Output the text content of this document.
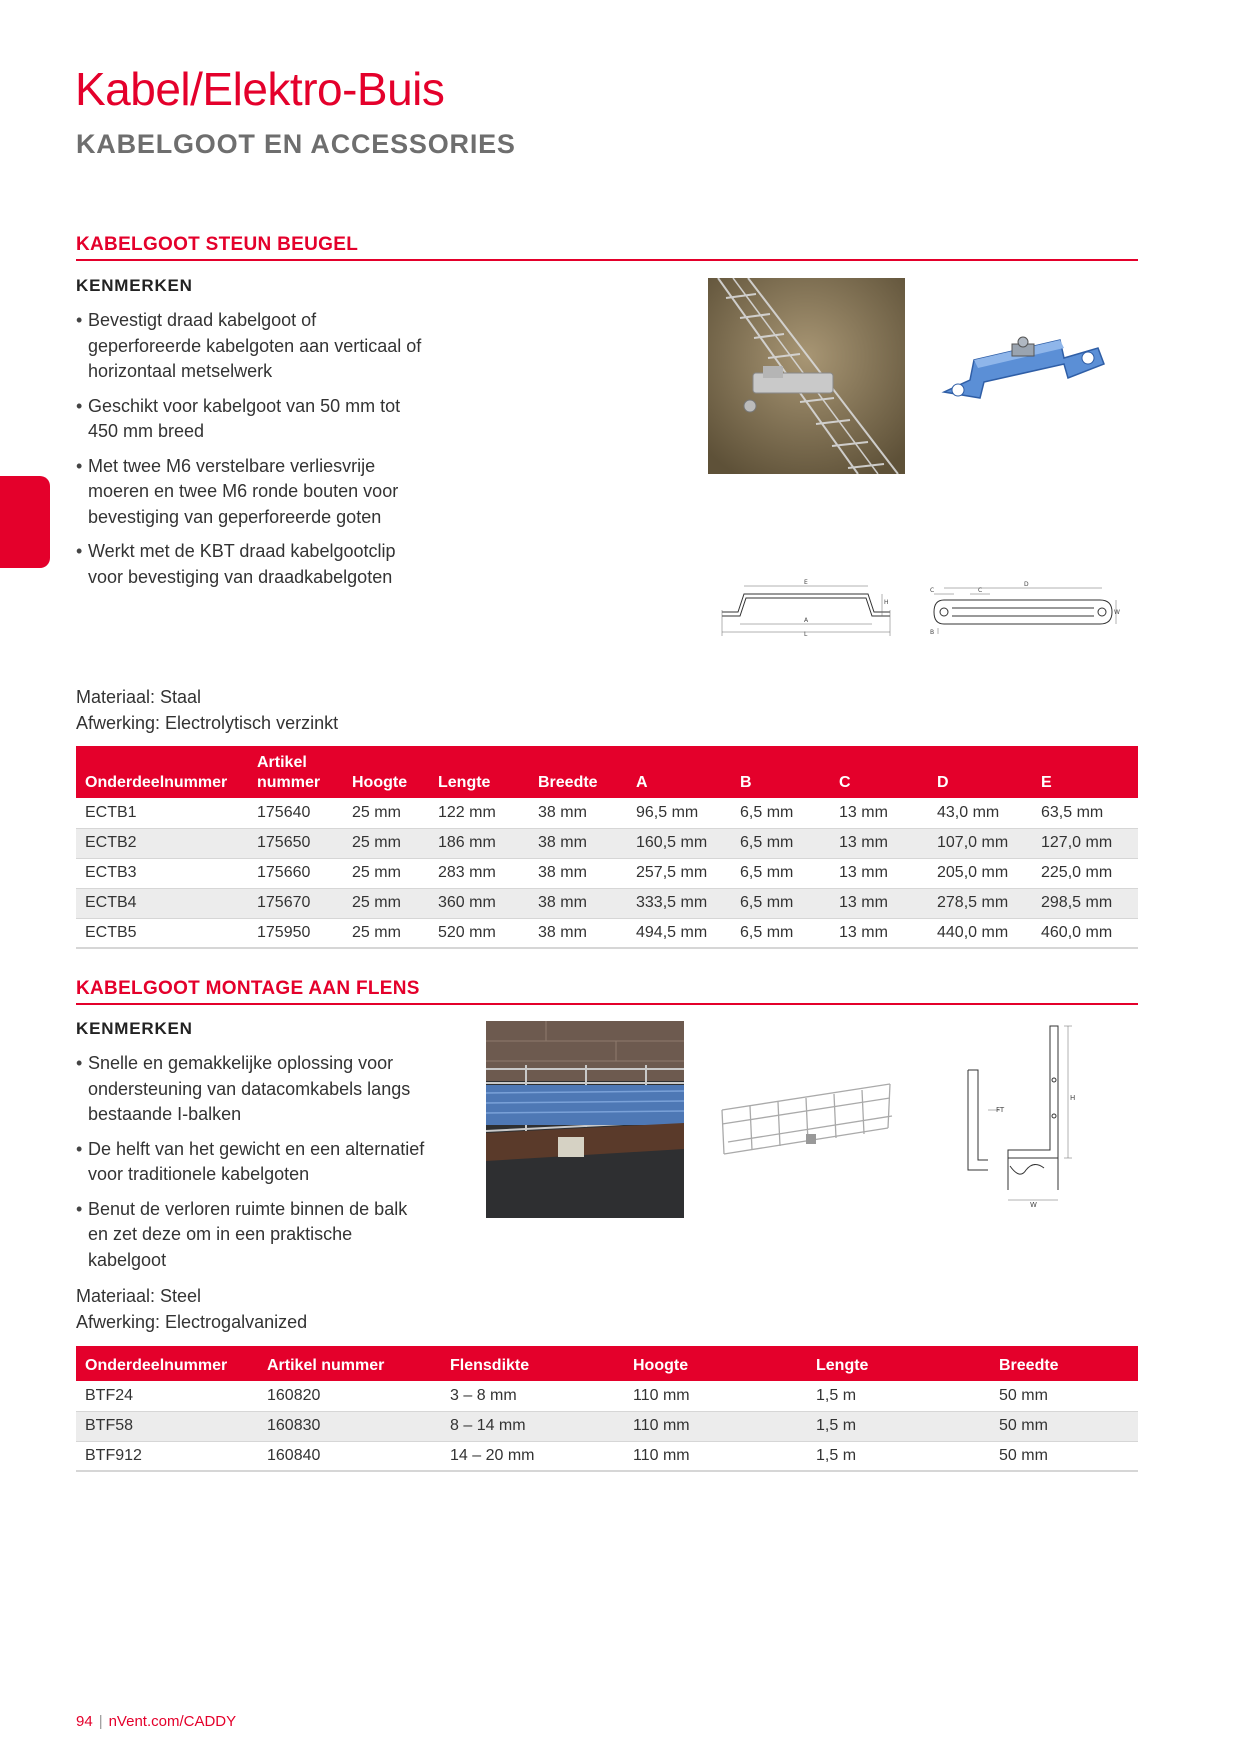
Kabel/Elektro-Buis
KABELGOOT EN ACCESSORIES
KABELGOOT STEUN BEUGEL
KENMERKEN
• Bevestigt draad kabelgoot of geperforeerde kabelgoten aan verticaal of horizontaal metselwerk
• Geschikt voor kabelgoot van 50 mm tot 450 mm breed
• Met twee M6 verstelbare verliesvrije moeren en twee M6 ronde bouten voor bevestiging van geperforeerde goten
• Werkt met de KBT draad kabelgootclip voor bevestiging van draadkabelgoten	E
H
A
L
D
C	C
W
B
Materiaal: Staal
Afwerking: Electrolytisch verzinkt
Onderdeelnummer	Artikel
nummer	Hoogte	Lengte	Breedte	A	B	C	D	E

ECTB1	175640	25 mm	122 mm	38 mm	96,5 mm	6,5 mm	13 mm	43,0 mm	63,5 mm
ECTB2	175650	25 mm	186 mm	38 mm	160,5 mm	6,5 mm	13 mm	107,0 mm	127,0 mm
ECTB3	175660	25 mm	283 mm	38 mm	257,5 mm	6,5 mm	13 mm	205,0 mm	225,0 mm
ECTB4	175670	25 mm	360 mm	38 mm	333,5 mm	6,5 mm	13 mm	278,5 mm	298,5 mm
ECTB5	175950	25 mm	520 mm	38 mm	494,5 mm	6,5 mm	13 mm	440,0 mm	460,0 mm
KABELGOOT MONTAGE AAN FLENS
KENMERKEN
• Snelle en gemakkelijke oplossing voor ondersteuning van datacomkabels langs bestaande I-balken
• De helft van het gewicht en een alternatief voor traditionele kabelgoten
• Benut de verloren ruimte binnen de balk en zet deze om in een praktische kabelgoot
FT
H
W
Materiaal: Steel
Afwerking: Electrogalvanized
Onderdeelnummer	Artikel nummer	Flensdikte	Hoogte	Lengte	Breedte
BTF24	160820	3 – 8 mm	110 mm	1,5 m	50 mm
BTF58	160830	8 – 14 mm	110 mm	1,5 m	50 mm
BTF912	160840	14 – 20 mm	110 mm	1,5 m	50 mm
94 | nVent.com/CADDY
